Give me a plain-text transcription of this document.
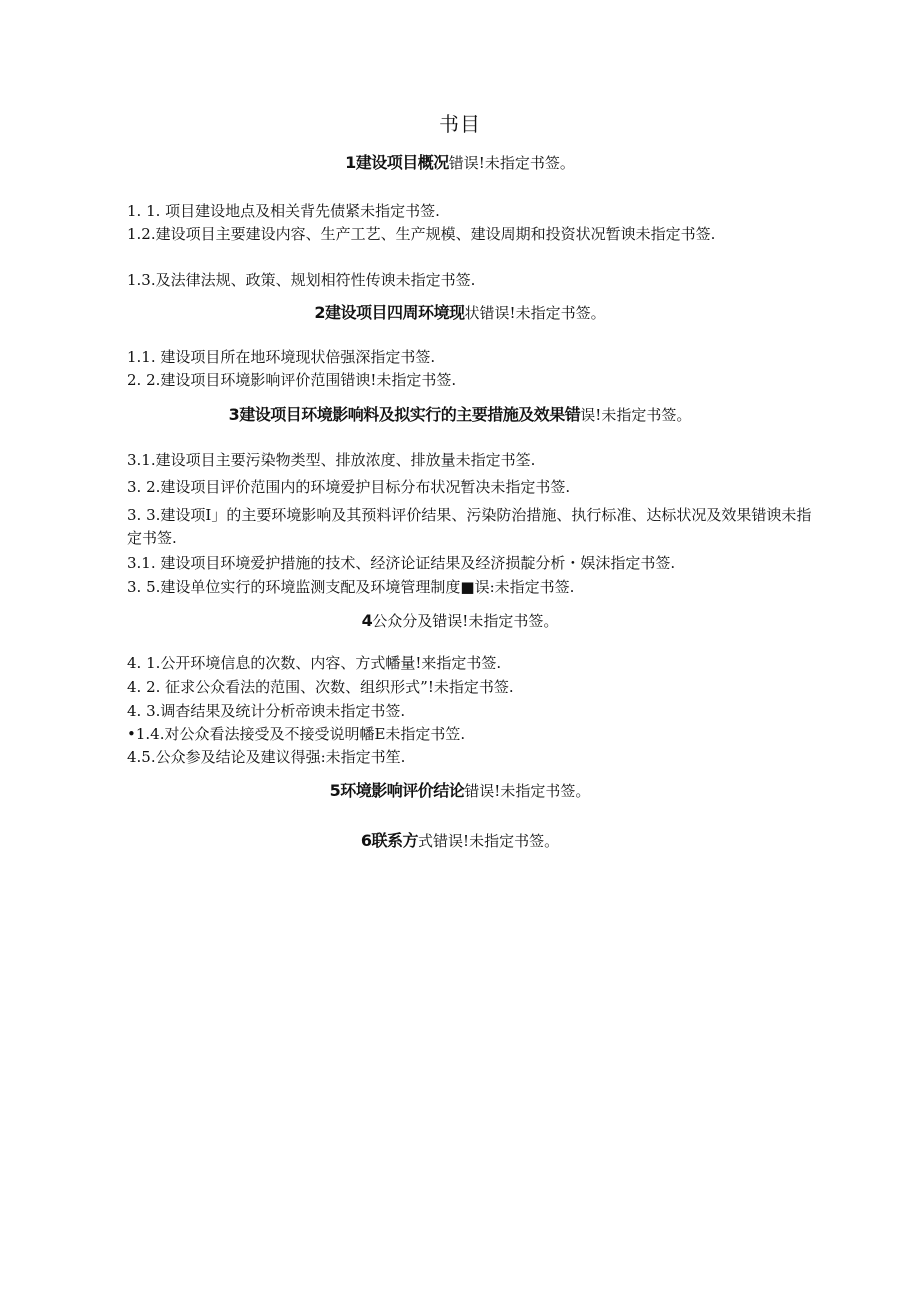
书目
1建设项目概况错误!未指定书签。
1. 1. 项目建设地点及相关背先债紧未指定书签.
1.2.建设项目主要建设内容、生产工艺、生产规模、建设周期和投资状况暂谀未指定书签.
1.3.及法律法规、政策、规划相符性传谀未指定书签.
2建设项目四周环境现状错误!未指定书签。
1.1. 建设项目所在地环境现状倍强深指定书签.
2. 2.建设项目环境影响评价范围错谀!未指定书签.
3建设项目环境影响料及拟实行的主要措施及效果错误!未指定书签。
3.1.建设项目主要污染物类型、排放浓度、排放量未指定书筌.
3. 2.建设项目评价范围内的环境爱护目标分布状况暂决未指定书签.
3. 3.建设项I」的主要环境影响及其预料评价结果、污染防治措施、执行标准、达标状况及效果错谀未指定书签.
3.1. 建设项目环境爱护措施的技术、经济论证结果及经济损靛分析・娱沫指定书签.
3. 5.建设单位实行的环境监测支配及环境管理制度■误:未指定书签.
4公众分及错误!未指定书签。
4. 1.公开环境信息的次数、内容、方式幡量!来指定书签.
4. 2. 征求公众看法的范围、次数、组织形式”!未指定书签.
4. 3.调杳结果及统计分析帝谀未指定书签.
•1.4.对公众看法接受及不接受说明幡E未指定书笠.
4.5.公众参及结论及建议得强:未指定书笙.
5环境影响评价结论错误!未指定书签。
6联系方式错误!未指定书签。
